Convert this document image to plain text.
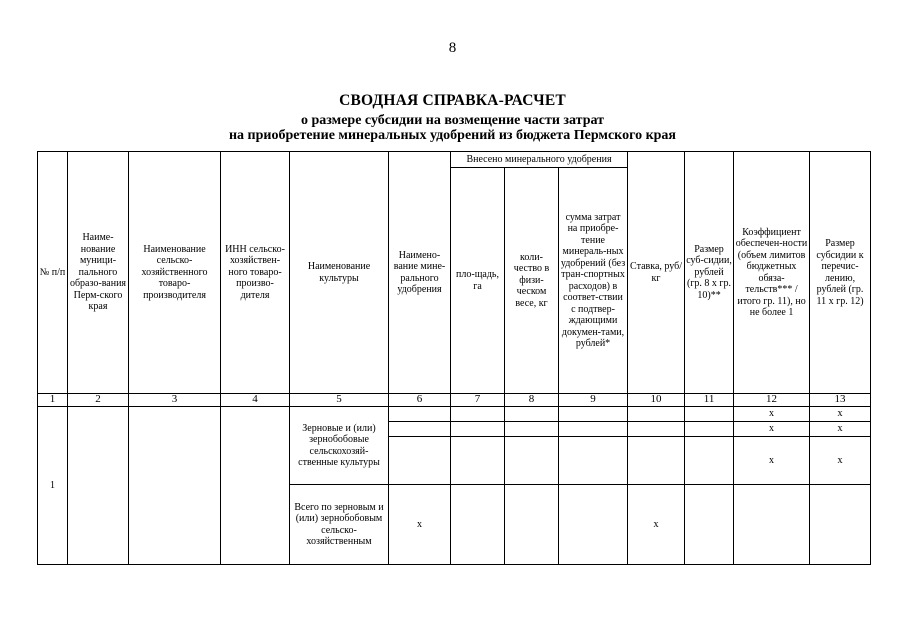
8
СВОДНАЯ СПРАВКА-РАСЧЕТ
о размере субсидии на возмещение части затрат
на приобретение минеральных удобрений из бюджета Пермского края
№ п/п	Наиме-нование муници-пального образо-вания Перм-ского края	Наименование сельско-хозяйственного товаро-производителя	ИНН сельско-хозяйствен-ного товаро-произво-дителя	Наименование культуры	Наимено-вание мине-рального удобрения	Внесено минерального удобрения			Ставка, руб/кг	Размер суб-сидии, рублей (гр. 8 х гр. 10)**	Коэффициент обеспечен-ности (объем лимитов бюджетных обяза-тельств*** / итого гр. 11), но не более 1	Размер субсидии к перечис-лению, рублей (гр. 11 х гр. 12)
						пло-щадь, га	коли-чество в физи-ческом весе, кг	сумма затрат на приобре-тение минераль-ных удобрений (без тран-спортных расходов) в соответ-ствии с подтвер-ждающими докумен-тами, рублей*				
1	2	3	4	5	6	7	8	9	10	11	12	13
1				Зерновые и (или) зернобобовые сельскохозяй-ственные культуры							х	х
											х	х
											х	х
				Всего по зерновым и (или) зернобобовым сельско-хозяйственным	х				х			
